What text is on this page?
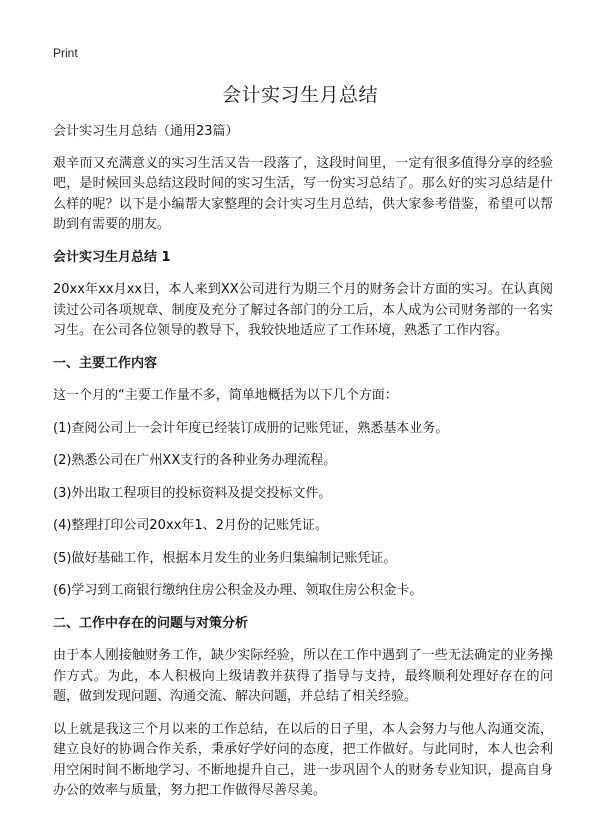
Print
会计实习生月总结

会计实习生月总结（通用23篇）

艰辛而又充满意义的实习生活又告一段落了，这段时间里，一定有很多值得分享的经验吧，是时候回头总结这段时间的实习生活，写一份实习总结了。那么好的实习总结是什么样的呢？以下是小编帮大家整理的会计实习生月总结，供大家参考借鉴，希望可以帮助到有需要的朋友。

会计实习生月总结 1

20xx年xx月xx日，本人来到XX公司进行为期三个月的财务会计方面的实习。在认真阅读过公司各项规章、制度及充分了解过各部门的分工后，本人成为公司财务部的一名实习生。在公司各位领导的教导下，我较快地适应了工作环境，熟悉了工作内容。

一、主要工作内容

这一个月的“主要工作量不多，简单地概括为以下几个方面：

(1)查阅公司上一会计年度已经装订成册的记账凭证，熟悉基本业务。

(2)熟悉公司在广州XX支行的各种业务办理流程。

(3)外出取工程项目的投标资料及提交投标文件。

(4)整理打印公司20xx年1、2月份的记账凭证。

(5)做好基础工作，根据本月发生的业务归集编制记账凭证。

(6)学习到工商银行缴纳住房公积金及办理、领取住房公积金卡。

二、工作中存在的问题与对策分析

由于本人刚接触财务工作，缺少实际经验，所以在工作中遇到了一些无法确定的业务操作方式。为此，本人积极向上级请教并获得了指导与支持，最终顺利处理好存在的问题，做到发现问题、沟通交流、解决问题，并总结了相关经验。

以上就是我这三个月以来的工作总结，在以后的日子里，本人会努力与他人沟通交流，建立良好的协调合作关系，秉承好学好问的态度，把工作做好。与此同时，本人也会利用空闲时间不断地学习、不断地提升自己，进一步巩固个人的财务专业知识，提高自身办公的效率与质量，努力把工作做得尽善尽美。
